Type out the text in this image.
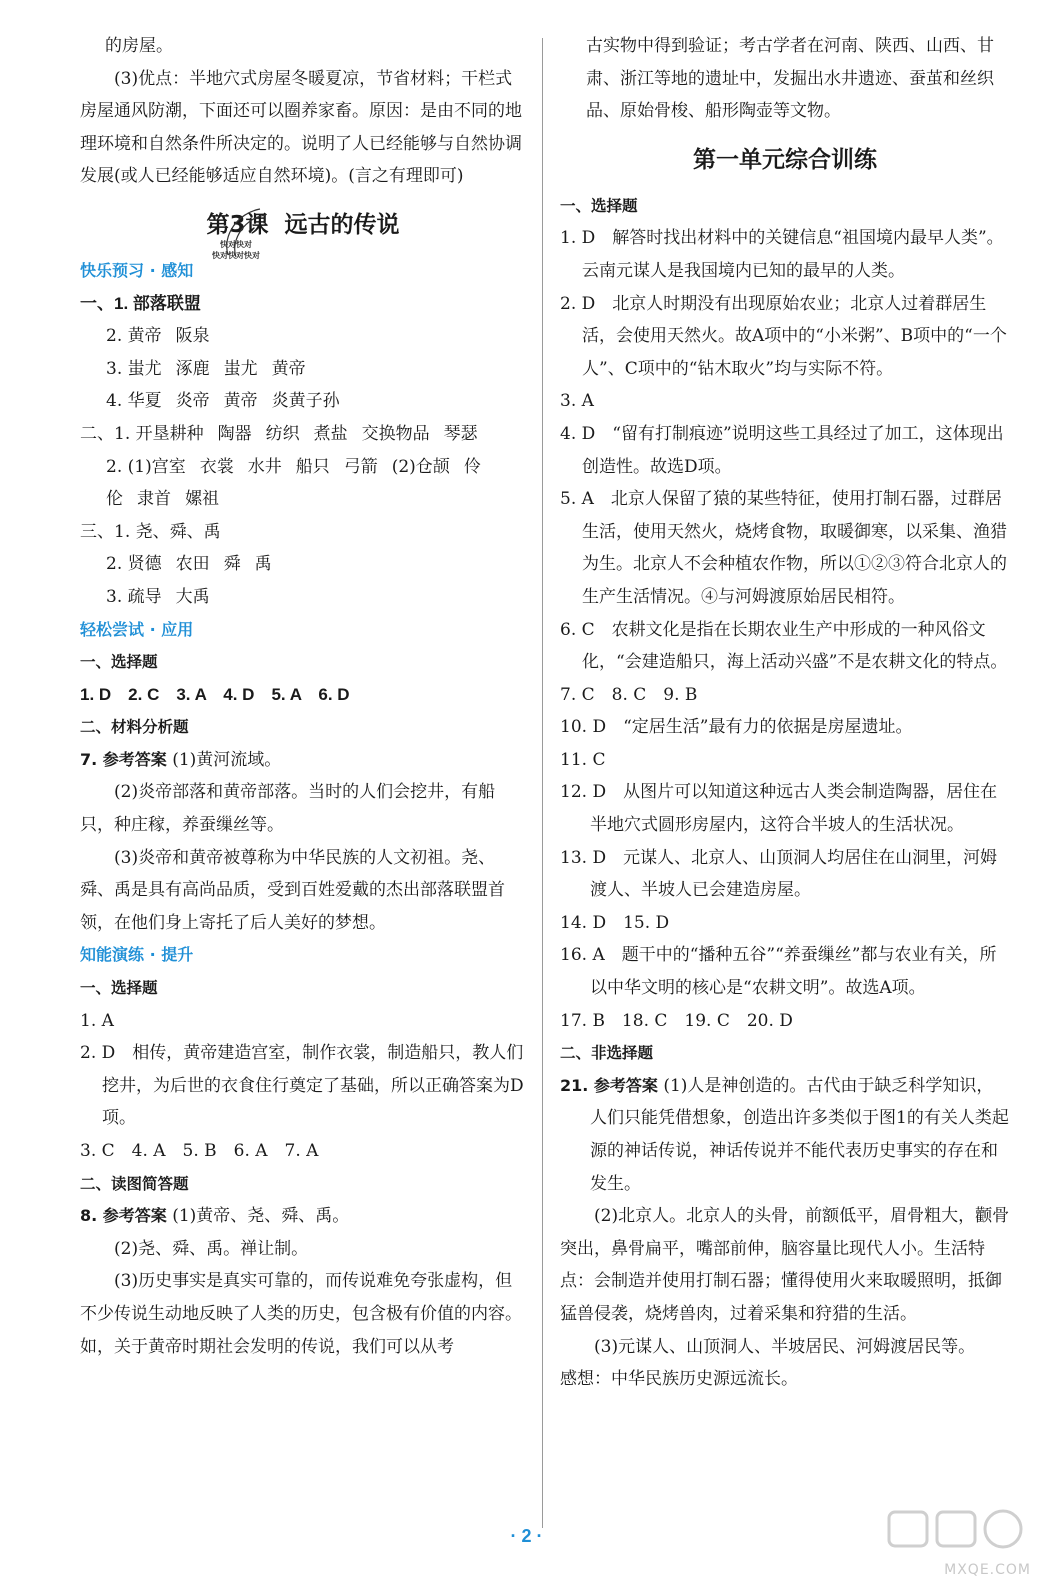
的房屋。

(3)优点：半地穴式房屋冬暖夏凉，节省材料；干栏式房屋通风防潮，下面还可以圈养家畜。原因：是由不同的地理环境和自然条件所决定的。说明了人已经能够与自然协调发展(或人已经能够适应自然环境)。(言之有理即可)

第3课 远古的传说
快对快对
快对快对快对

快乐预习 · 感知

一、1. 部落联盟

2. 黄帝 阪泉

3. 蚩尤 涿鹿 蚩尤 黄帝

4. 华夏 炎帝 黄帝 炎黄子孙

二、1. 开垦耕种 陶器 纺织 煮盐 交换物品 琴瑟

2. (1)宫室 衣裳 水井 船只 弓箭 (2)仓颉 伶

伦 隶首 嫘祖

三、1. 尧、舜、禹

2. 贤德 农田 舜 禹

3. 疏导 大禹

轻松尝试 · 应用

一、选择题

1. D　2. C　3. A　4. D　5. A　6. D

二、材料分析题

7. 参考答案 (1)黄河流域。

(2)炎帝部落和黄帝部落。当时的人们会挖井，有船只，种庄稼，养蚕缫丝等。

(3)炎帝和黄帝被尊称为中华民族的人文初祖。尧、舜、禹是具有高尚品质，受到百姓爱戴的杰出部落联盟首领，在他们身上寄托了后人美好的梦想。

知能演练 · 提升

一、选择题

1. A

2. D　相传，黄帝建造宫室，制作衣裳，制造船只，教人们挖井，为后世的衣食住行奠定了基础，所以正确答案为D项。

3. C　4. A　5. B　6. A　7. A

二、读图简答题

8. 参考答案 (1)黄帝、尧、舜、禹。

(2)尧、舜、禹。禅让制。

(3)历史事实是真实可靠的，而传说难免夸张虚构，但不少传说生动地反映了人类的历史，包含极有价值的内容。如，关于黄帝时期社会发明的传说，我们可以从考

古实物中得到验证；考古学者在河南、陕西、山西、甘肃、浙江等地的遗址中，发掘出水井遗迹、蚕茧和丝织品、原始骨梭、船形陶壶等文物。

第一单元综合训练

一、选择题

1. D　解答时找出材料中的关键信息“祖国境内最早人类”。云南元谋人是我国境内已知的最早的人类。

2. D　北京人时期没有出现原始农业；北京人过着群居生活，会使用天然火。故A项中的“小米粥”、B项中的“一个人”、C项中的“钻木取火”均与实际不符。

3. A

4. D　“留有打制痕迹”说明这些工具经过了加工，这体现出创造性。故选D项。

5. A　北京人保留了猿的某些特征，使用打制石器，过群居生活，使用天然火，烧烤食物，取暖御寒，以采集、渔猎为生。北京人不会种植农作物，所以①②③符合北京人的生产生活情况。④与河姆渡原始居民相符。

6. C　农耕文化是指在长期农业生产中形成的一种风俗文化，“会建造船只，海上活动兴盛”不是农耕文化的特点。

7. C　8. C　9. B

10. D　“定居生活”最有力的依据是房屋遗址。

11. C

12. D　从图片可以知道这种远古人类会制造陶器，居住在半地穴式圆形房屋内，这符合半坡人的生活状况。

13. D　元谋人、北京人、山顶洞人均居住在山洞里，河姆渡人、半坡人已会建造房屋。

14. D　15. D

16. A　题干中的“播种五谷”“养蚕缫丝”都与农业有关，所以中华文明的核心是“农耕文明”。故选A项。

17. B　18. C　19. C　20. D

二、非选择题

21. 参考答案 (1)人是神创造的。古代由于缺乏科学知识，人们只能凭借想象，创造出许多类似于图1的有关人类起源的神话传说，神话传说并不能代表历史事实的存在和发生。

(2)北京人。北京人的头骨，前额低平，眉骨粗大，颧骨突出，鼻骨扁平，嘴部前伸，脑容量比现代人小。生活特点：会制造并使用打制石器；懂得使用火来取暖照明，抵御猛兽侵袭，烧烤兽肉，过着采集和狩猎的生活。

(3)元谋人、山顶洞人、半坡居民、河姆渡居民等。

感想：中华民族历史源远流长。

· 2 ·
MXQE.COM
